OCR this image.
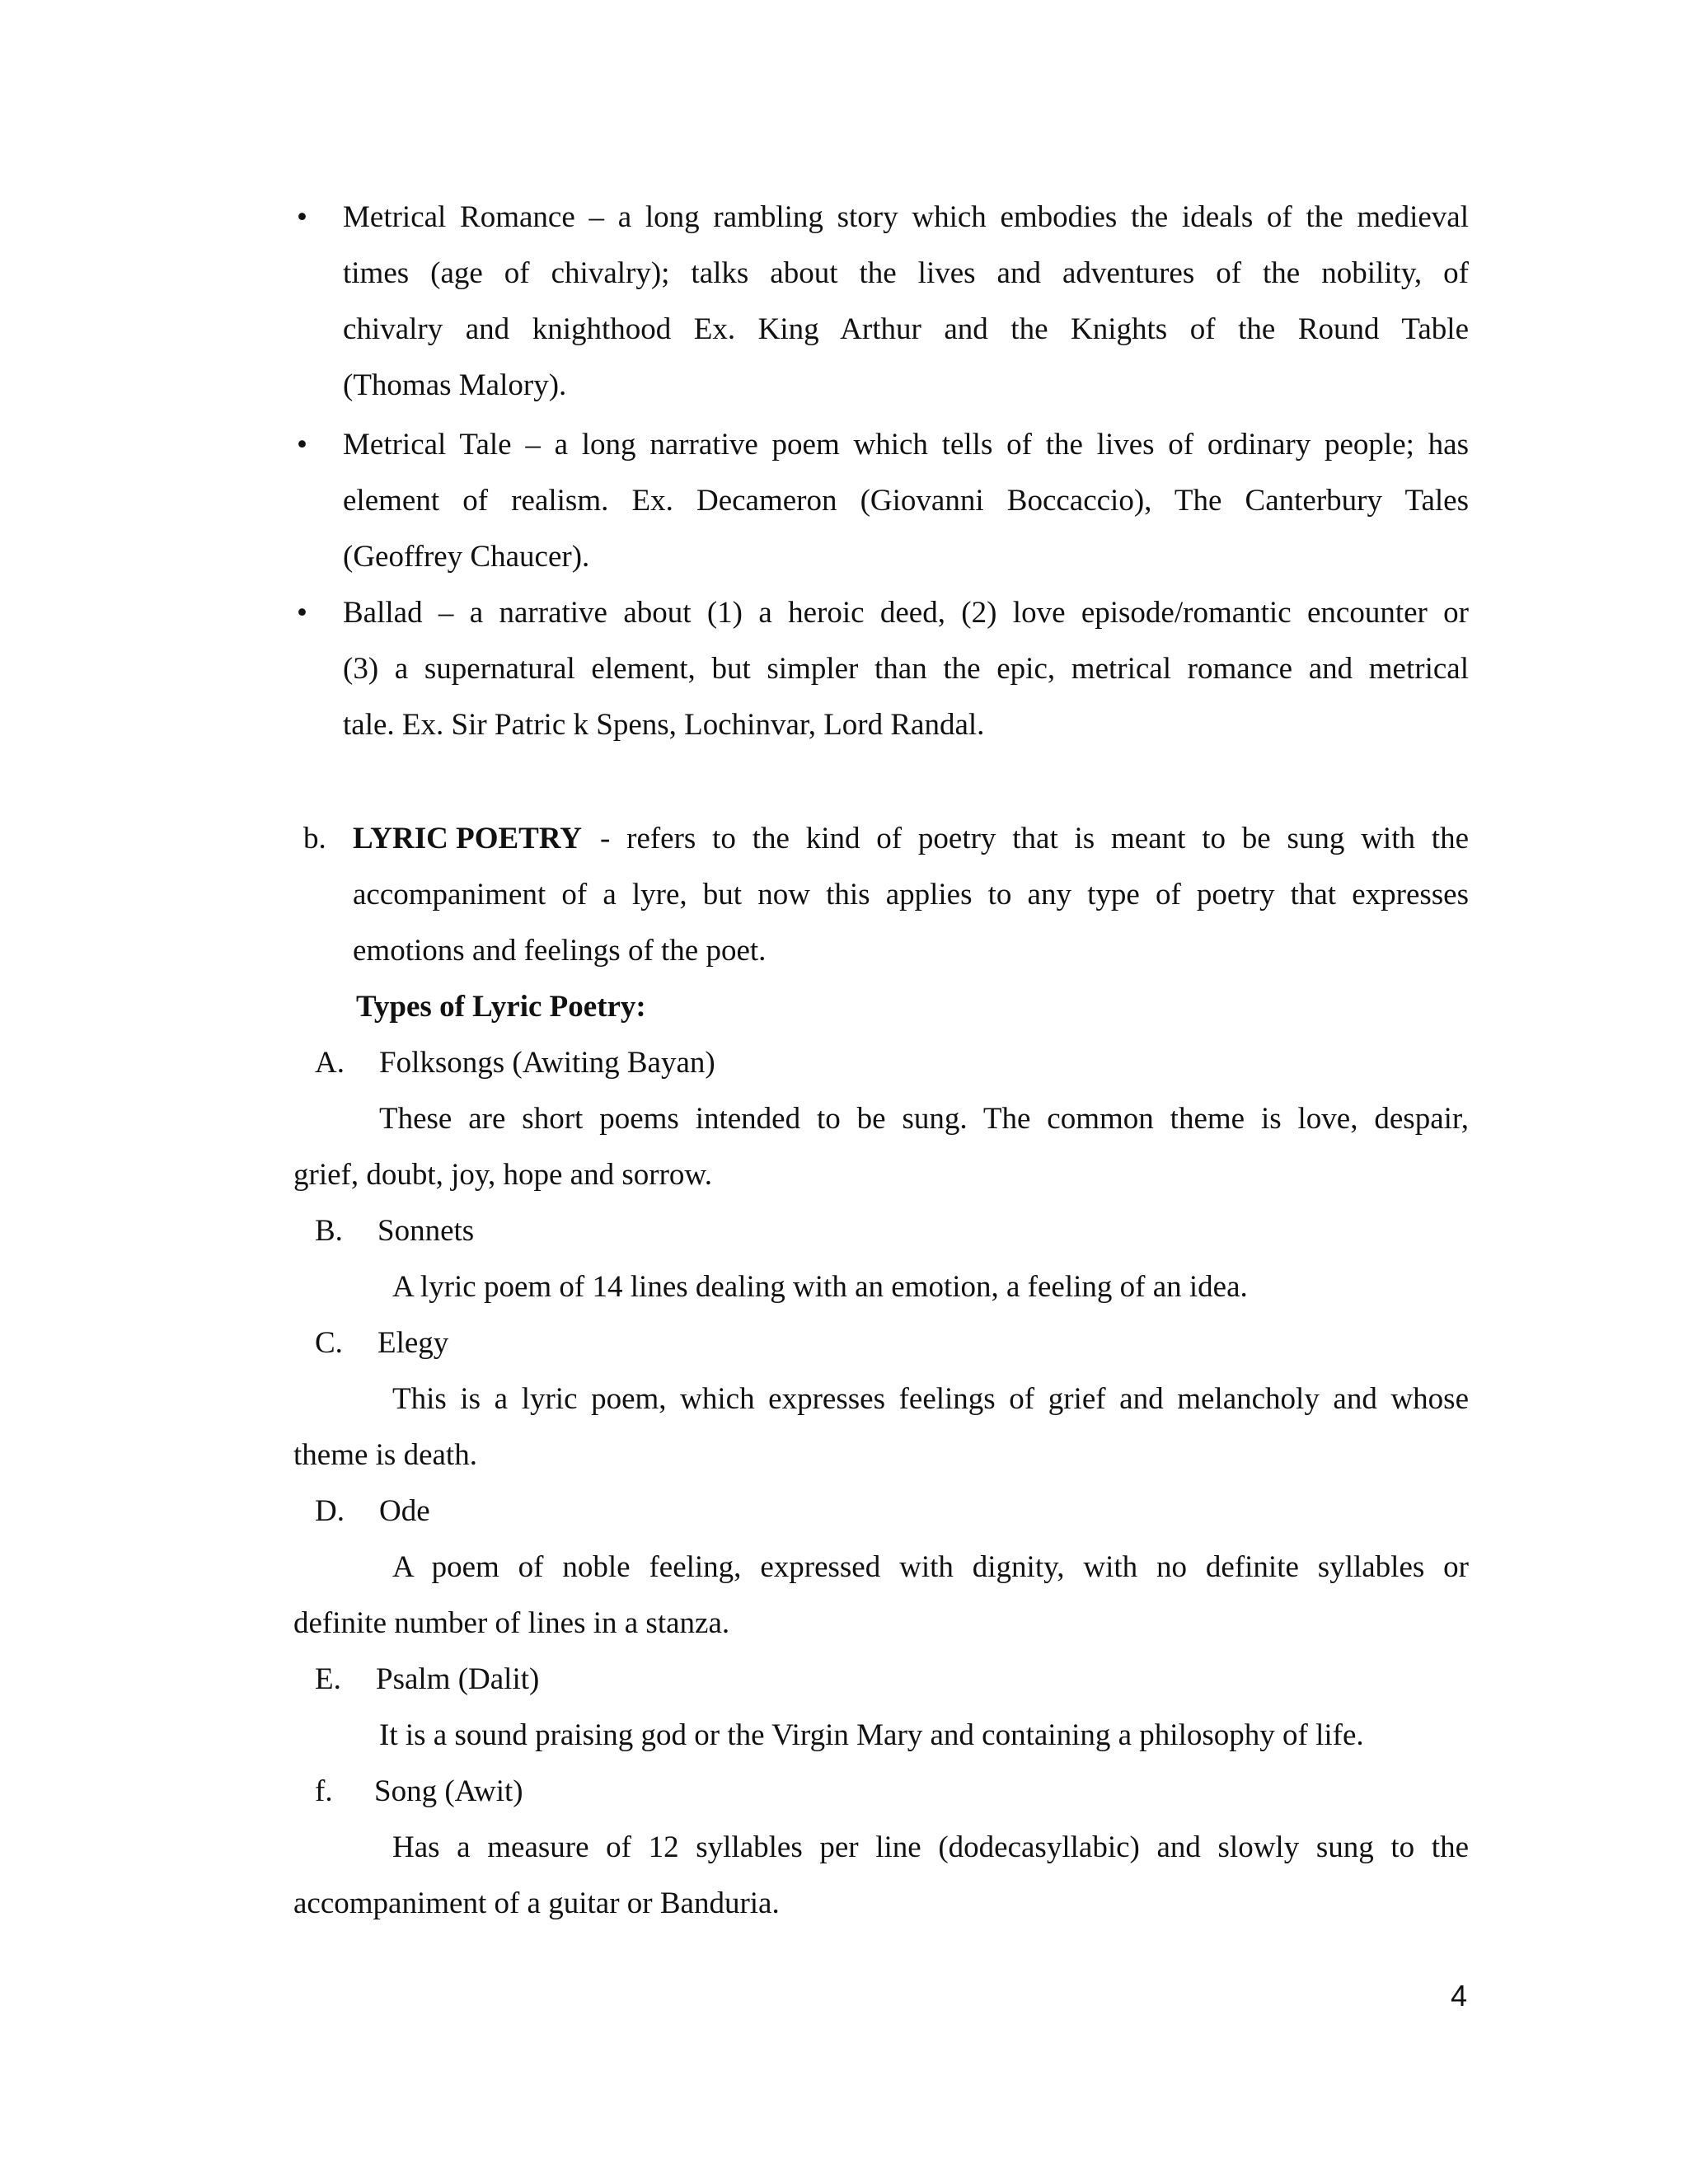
• Metrical Romance – a long rambling story which embodies the ideals of the medieval
times (age of chivalry); talks about the lives and adventures of the nobility, of
chivalry and knighthood Ex. King Arthur and the Knights of the Round Table
(Thomas Malory).
• Metrical Tale – a long narrative poem which tells of the lives of ordinary people; has
element of realism. Ex. Decameron (Giovanni Boccaccio), The Canterbury Tales
(Geoffrey Chaucer).
• Ballad – a narrative about (1) a heroic deed, (2) love episode/romantic encounter or
(3) a supernatural element, but simpler than the epic, metrical romance and metrical
tale. Ex. Sir Patric k Spens, Lochinvar, Lord Randal.
b. LYRIC POETRY - refers to the kind of poetry that is meant to be sung with the
accompaniment of a lyre, but now this applies to any type of poetry that expresses
emotions and feelings of the poet.
Types of Lyric Poetry:
A. Folksongs (Awiting Bayan)
These are short poems intended to be sung. The common theme is love, despair,
grief, doubt, joy, hope and sorrow.
B. Sonnets
A lyric poem of 14 lines dealing with an emotion, a feeling of an idea.
C. Elegy
This is a lyric poem, which expresses feelings of grief and melancholy and whose
theme is death.
D. Ode
A poem of noble feeling, expressed with dignity, with no definite syllables or
definite number of lines in a stanza.
E. Psalm (Dalit)
It is a sound praising god or the Virgin Mary and containing a philosophy of life.
f. Song (Awit)
Has a measure of 12 syllables per line (dodecasyllabic) and slowly sung to the
accompaniment of a guitar or Banduria.
4
